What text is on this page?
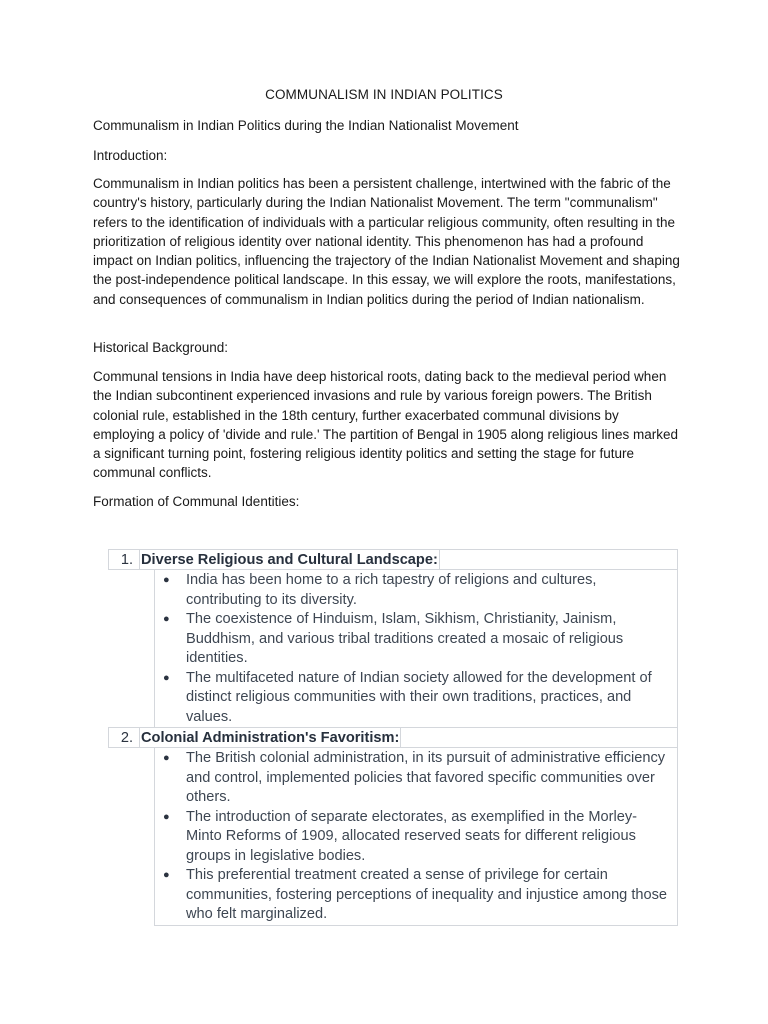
COMMUNALISM IN INDIAN POLITICS
Communalism in Indian Politics during the Indian Nationalist Movement
Introduction:
Communalism in Indian politics has been a persistent challenge, intertwined with the fabric of the country's history, particularly during the Indian Nationalist Movement. The term "communalism" refers to the identification of individuals with a particular religious community, often resulting in the prioritization of religious identity over national identity. This phenomenon has had a profound impact on Indian politics, influencing the trajectory of the Indian Nationalist Movement and shaping the post-independence political landscape. In this essay, we will explore the roots, manifestations, and consequences of communalism in Indian politics during the period of Indian nationalism.
Historical Background:
Communal tensions in India have deep historical roots, dating back to the medieval period when the Indian subcontinent experienced invasions and rule by various foreign powers. The British colonial rule, established in the 18th century, further exacerbated communal divisions by employing a policy of 'divide and rule.' The partition of Bengal in 1905 along religious lines marked a significant turning point, fostering religious identity politics and setting the stage for future communal conflicts.
Formation of Communal Identities:
1. Diverse Religious and Cultural Landscape:
● India has been home to a rich tapestry of religions and cultures, contributing to its diversity.
● The coexistence of Hinduism, Islam, Sikhism, Christianity, Jainism, Buddhism, and various tribal traditions created a mosaic of religious identities.
● The multifaceted nature of Indian society allowed for the development of distinct religious communities with their own traditions, practices, and values.
2. Colonial Administration's Favoritism:
● The British colonial administration, in its pursuit of administrative efficiency and control, implemented policies that favored specific communities over others.
● The introduction of separate electorates, as exemplified in the Morley-Minto Reforms of 1909, allocated reserved seats for different religious groups in legislative bodies.
● This preferential treatment created a sense of privilege for certain communities, fostering perceptions of inequality and injustice among those who felt marginalized.
